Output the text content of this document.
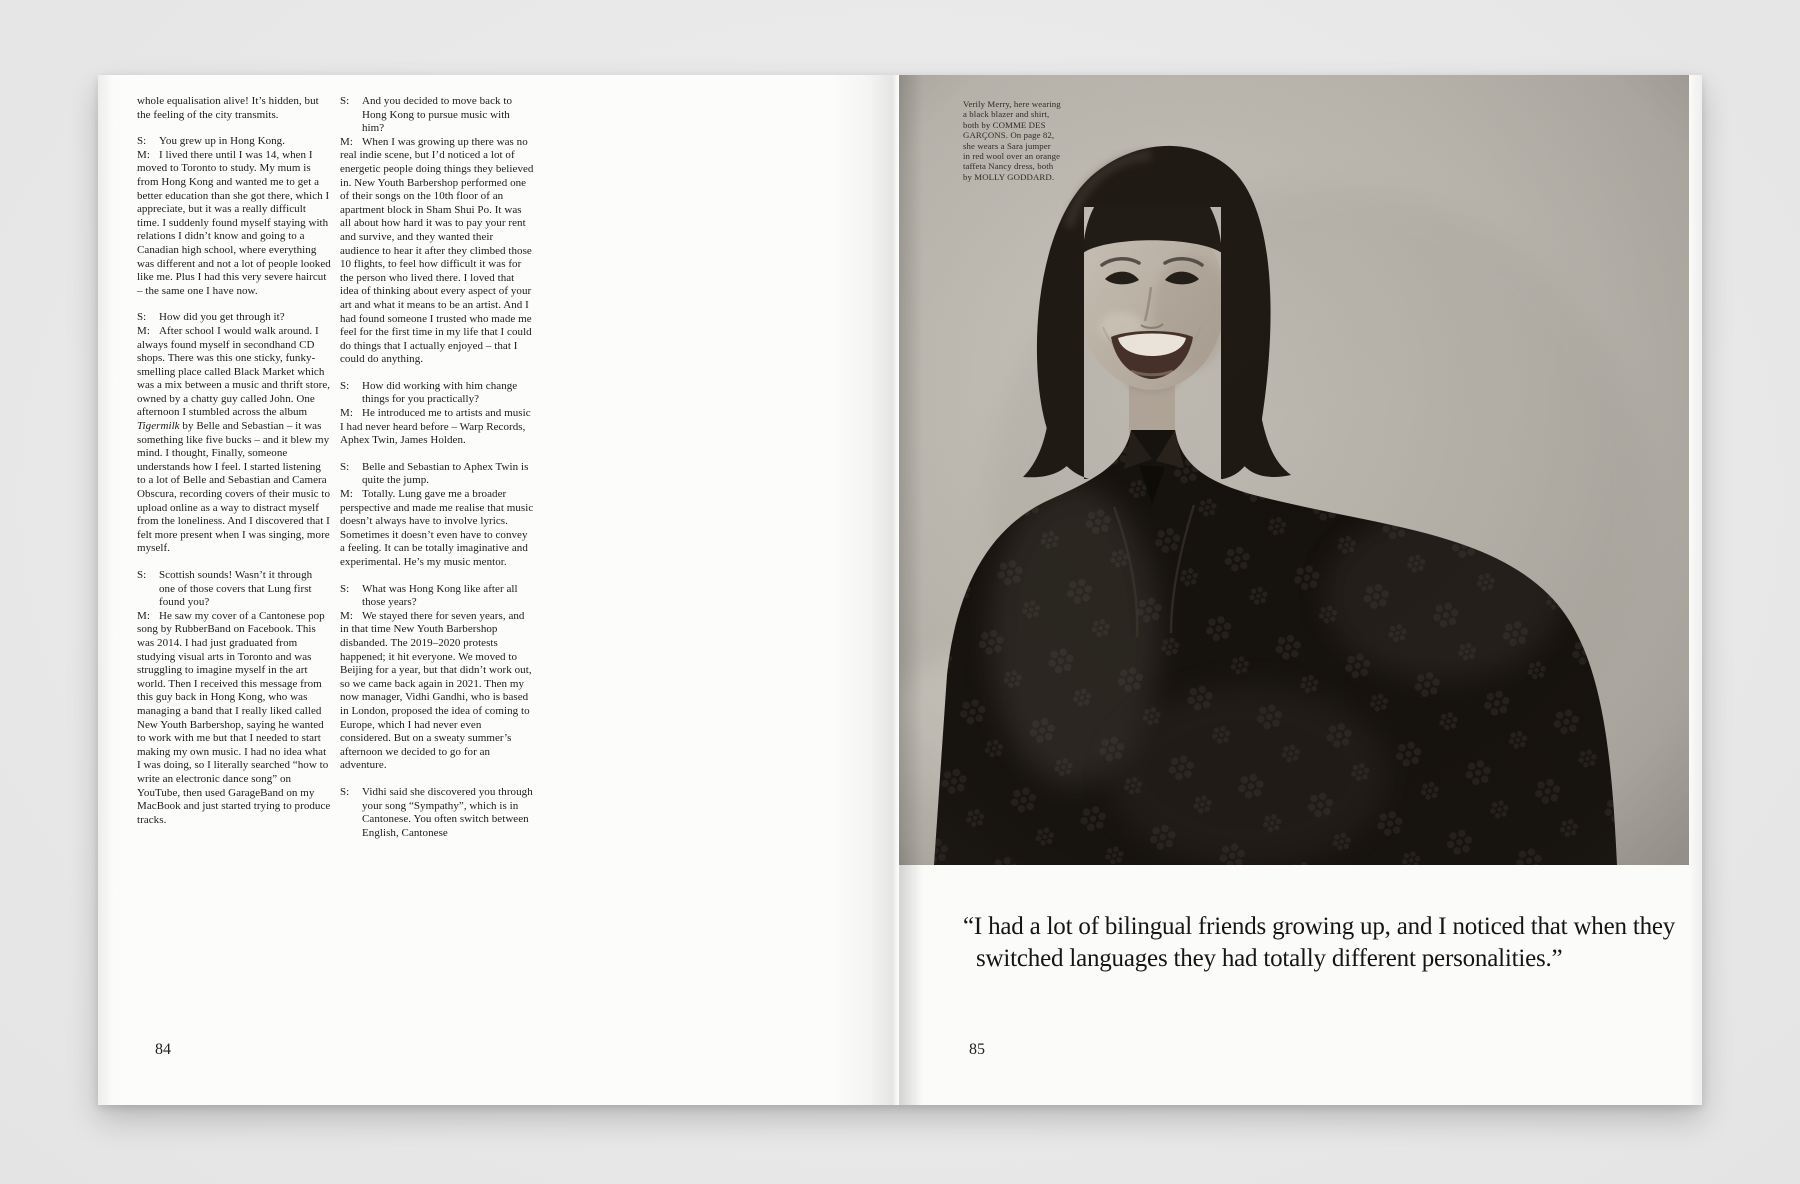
whole equalisation alive! It’s hidden, but the feeling of the city transmits.
S: You grew up in Hong Kong.
M: I lived there until I was 14, when I moved to Toronto to study. My mum is from Hong Kong and wanted me to get a better education than she got there, which I appreciate, but it was a really difficult time. I suddenly found myself staying with relations I didn’t know and going to a Canadian high school, where everything was different and not a lot of people looked like me. Plus I had this very severe haircut – the same one I have now.
S: How did you get through it?
M: After school I would walk around. I always found myself in secondhand CD shops. There was this one sticky, funky-smelling place called Black Market which was a mix between a music and thrift store, owned by a chatty guy called John. One afternoon I stumbled across the album Tigermilk by Belle and Sebastian – it was something like five bucks – and it blew my mind. I thought, Finally, someone understands how I feel. I started listening to a lot of Belle and Sebastian and Camera Obscura, recording covers of their music to upload online as a way to distract myself from the loneliness. And I discovered that I felt more present when I was singing, more myself.
S: Scottish sounds! Wasn’t it through one of those covers that Lung first found you?
M: He saw my cover of a Cantonese pop song by RubberBand on Facebook. This was 2014. I had just graduated from studying visual arts in Toronto and was struggling to imagine myself in the art world. Then I received this message from this guy back in Hong Kong, who was managing a band that I really liked called New Youth Barbershop, saying he wanted to work with me but that I needed to start making my own music. I had no idea what I was doing, so I literally searched “how to write an electronic dance song” on YouTube, then used GarageBand on my MacBook and just started trying to produce tracks.
S: And you decided to move back to Hong Kong to pursue music with him?
M: When I was growing up there was no real indie scene, but I’d noticed a lot of energetic people doing things they believed in. New Youth Barbershop performed one of their songs on the 10th floor of an apartment block in Sham Shui Po. It was all about how hard it was to pay your rent and survive, and they wanted their audience to hear it after they climbed those 10 flights, to feel how difficult it was for the person who lived there. I loved that idea of thinking about every aspect of your art and what it means to be an artist. And I had found someone I trusted who made me feel for the first time in my life that I could do things that I actually enjoyed – that I could do anything.
S: How did working with him change things for you practically?
M: He introduced me to artists and music I had never heard before – Warp Records, Aphex Twin, James Holden.
S: Belle and Sebastian to Aphex Twin is quite the jump.
M: Totally. Lung gave me a broader perspective and made me realise that music doesn’t always have to involve lyrics. Sometimes it doesn’t even have to convey a feeling. It can be totally imaginative and experimental. He’s my music mentor.
S: What was Hong Kong like after all those years?
M: We stayed there for seven years, and in that time New Youth Barbershop disbanded. The 2019–2020 protests happened; it hit everyone. We moved to Beijing for a year, but that didn’t work out, so we came back again in 2021. Then my now manager, Vidhi Gandhi, who is based in London, proposed the idea of coming to Europe, which I had never even considered. But on a sweaty summer’s afternoon we decided to go for an adventure.
S: Vidhi said she discovered you through your song “Sympathy”, which is in Cantonese. You often switch between English, Cantonese
84
Verily Merry, here wearing
a black blazer and shirt,
both by COMME DES
GARÇONS. On page 82,
she wears a Sara jumper
in red wool over an orange
taffeta Nancy dress, both
by MOLLY GODDARD.
“I had a lot of bilingual friends growing up, and I noticed that when they switched languages they had totally different personalities.”
85
